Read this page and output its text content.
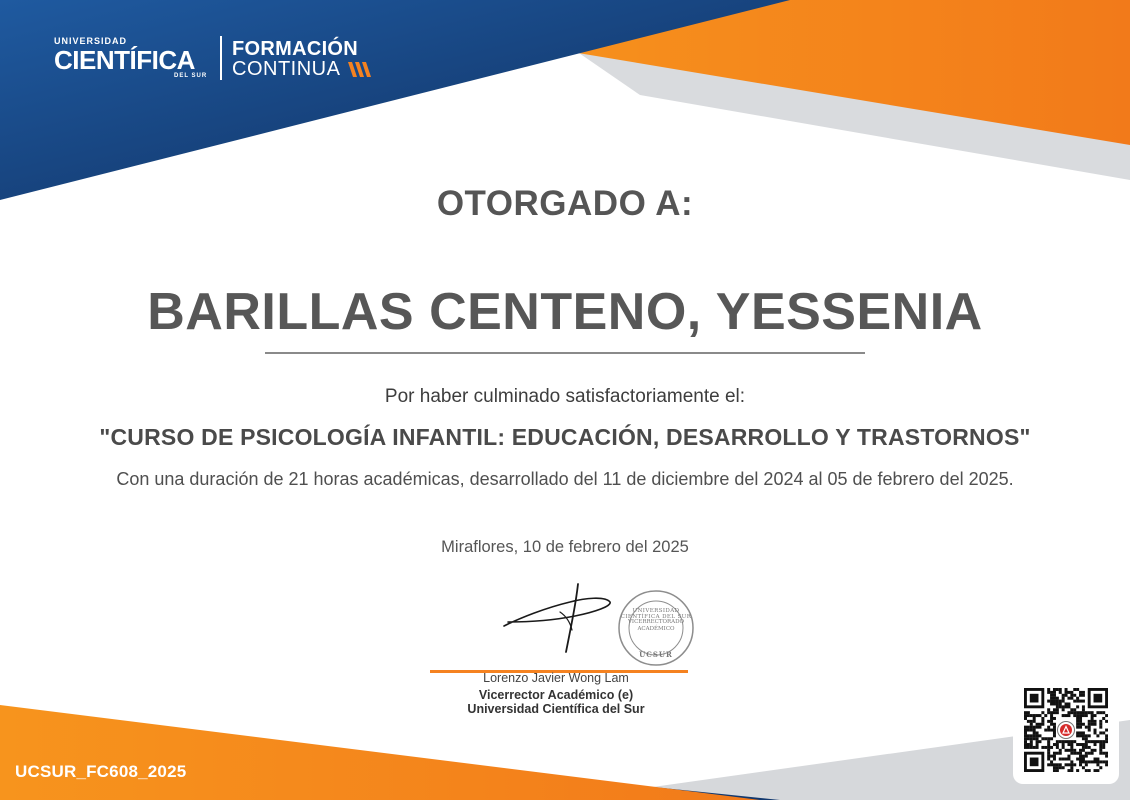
UNIVERSIDAD
CIENTÍFICA
DEL SUR
FORMACIÓN
CONTINUA
OTORGADO A:
BARILLAS CENTENO, YESSENIA
Por haber culminado satisfactoriamente el:
"CURSO DE PSICOLOGÍA INFANTIL: EDUCACIÓN, DESARROLLO Y TRASTORNOS"
Con una duración de 21 horas académicas, desarrollado del 11 de diciembre del 2024 al 05 de febrero del 2025.
Miraflores, 10 de febrero del 2025
UNIVERSIDAD CIENTÍFICA DEL SUR
VICERRECTORADO
ACADÉMICO
UCSUR
Lorenzo Javier Wong Lam
Vicerrector Académico (e)
Universidad Científica del Sur
UCSUR_FC608_2025
